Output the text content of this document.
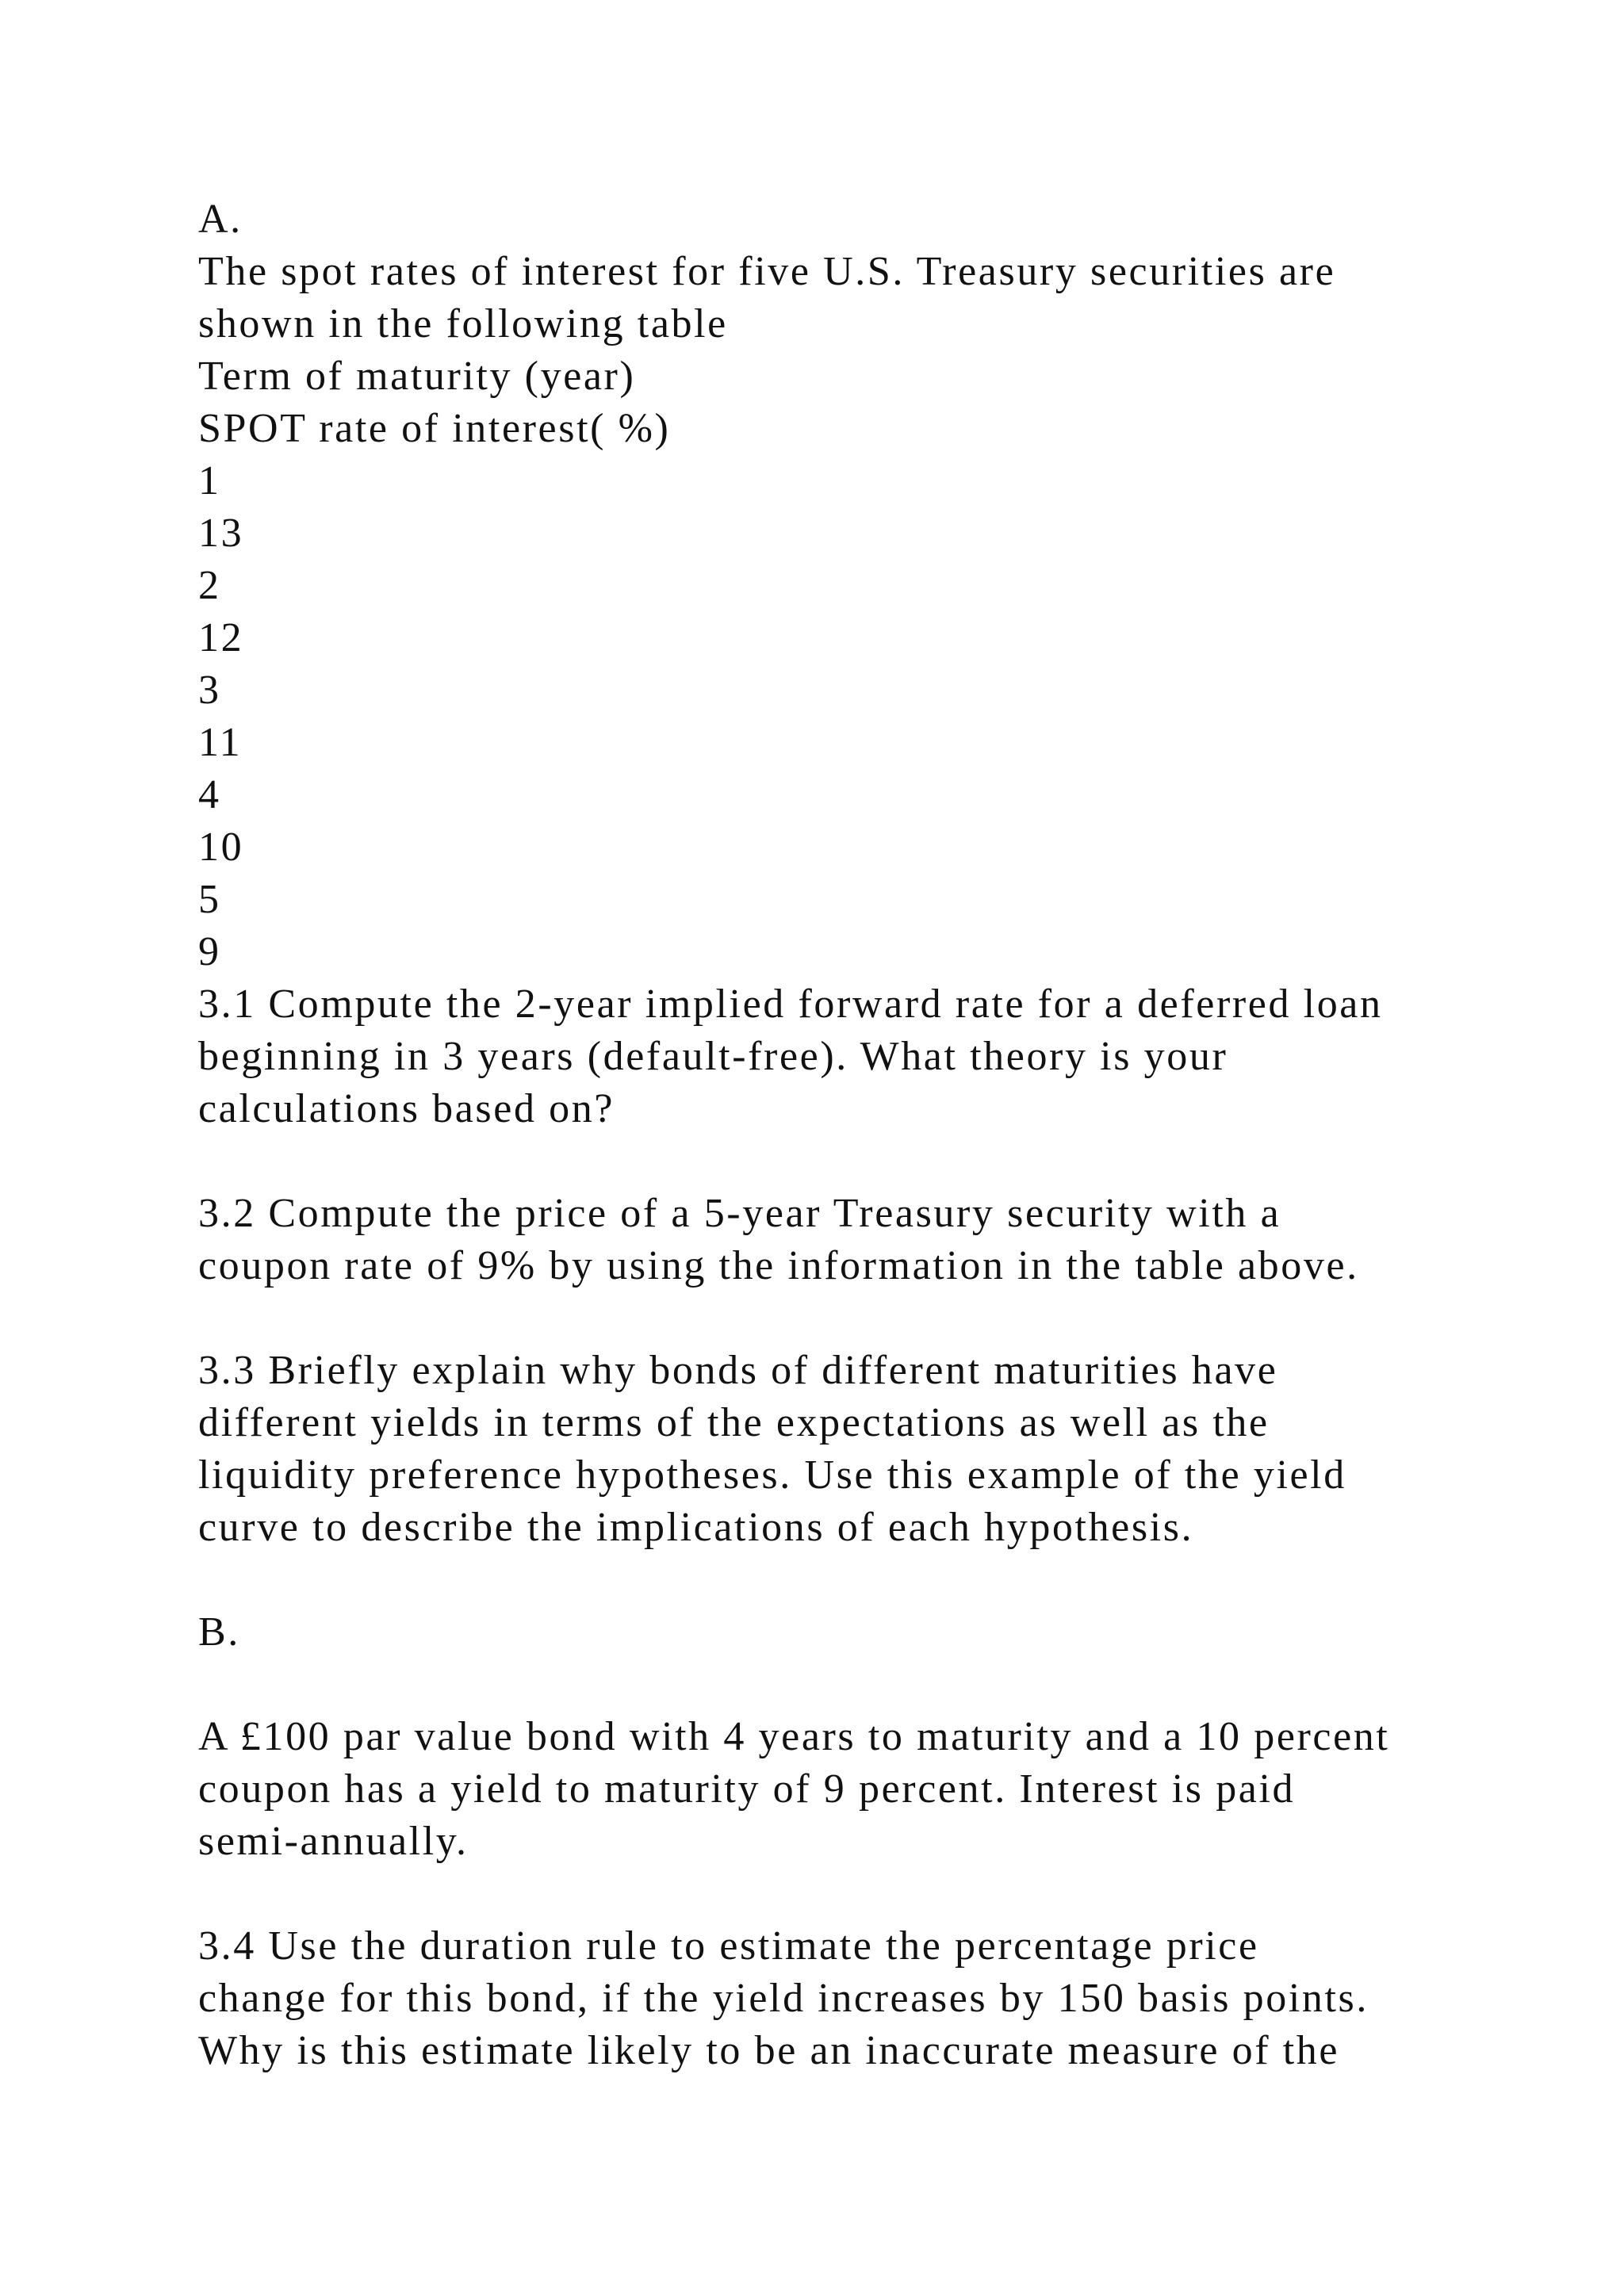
A.
The spot rates of interest for five U.S. Treasury securities are
shown in the following table
Term of maturity (year)
SPOT rate of interest( %)
1
13
2
12
3
11
4
10
5
9
3.1 Compute the 2-year implied forward rate for a deferred loan
beginning in 3 years (default-free). What theory is your
calculations based on?
3.2 Compute the price of a 5-year Treasury security with a
coupon rate of 9% by using the information in the table above.
3.3 Briefly explain why bonds of different maturities have
different yields in terms of the expectations as well as the
liquidity preference hypotheses. Use this example of the yield
curve to describe the implications of each hypothesis.
B.
A £100 par value bond with 4 years to maturity and a 10 percent
coupon has a yield to maturity of 9 percent. Interest is paid
semi-annually.
3.4 Use the duration rule to estimate the percentage price
change for this bond, if the yield increases by 150 basis points.
Why is this estimate likely to be an inaccurate measure of the
